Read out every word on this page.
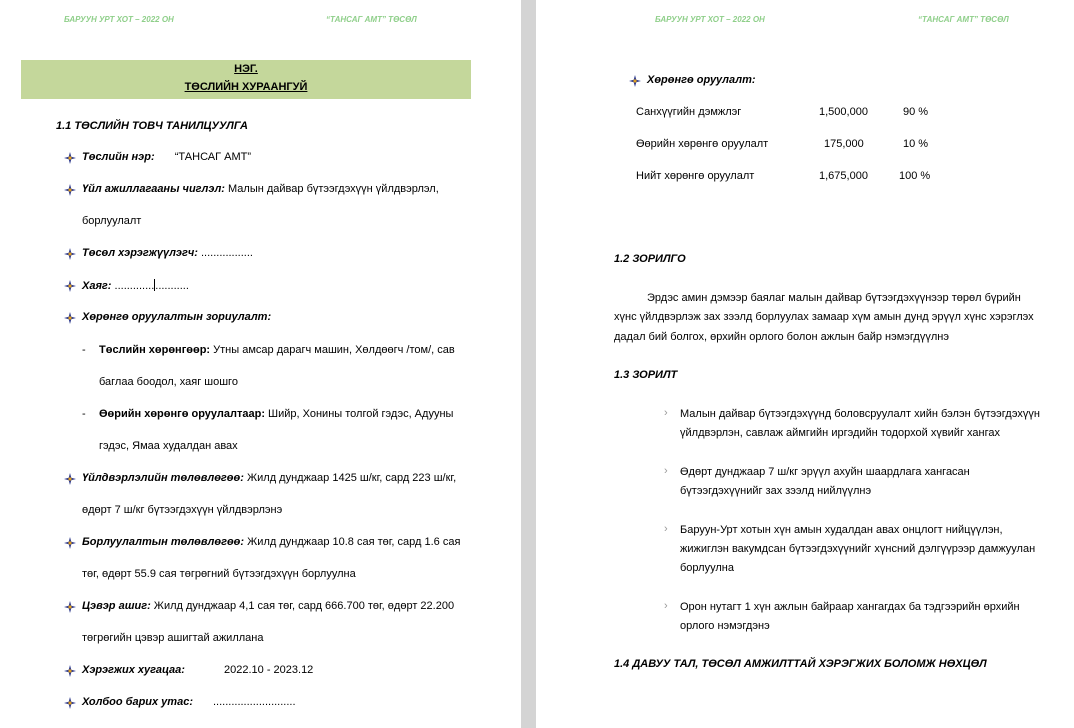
БАРУУН УРТ ХОТ – 2022 ОН	“ТАНСАГ АМТ” ТӨСӨЛ
НЭГ.
ТӨСЛИЙН ХУРААНГУЙ
1.1 ТӨСЛИЙН ТОВЧ ТАНИЛЦУУЛГА
Төслийн нэр: “ТАНСАГ АМТ”
Үйл ажиллагааны чиглэл: Малын дайвар бүтээгдэхүүн үйлдвэрлэл,
борлуулалт
Төсөл хэрэгжүүлэгч: .................
Хаяг: ........................
Хөрөнгө оруулалтын зориулалт:
- Төслийн хөрөнгөөр: Утны амсар дарагч машин, Хөлдөөгч /том/, сав
баглаа боодол, хаяг шошго
- Өөрийн хөрөнгө оруулалтаар: Шийр, Хонины толгой гэдэс, Адууны
гэдэс, Ямаа худалдан авах
Үйлдвэрлэлийн төлөвлөгөө: Жилд дунджаар 1425 ш/кг, сард 223 ш/кг,
өдөрт 7 ш/кг бүтээгдэхүүн үйлдвэрлэнэ
Борлуулалтын төлөвлөгөө: Жилд дунджаар 10.8 сая төг, сард 1.6 сая
төг, өдөрт 55.9 сая төгрөгний бүтээгдэхүүн борлуулна
Цэвэр ашиг: Жилд дунджаар 4,1 сая төг, сард 666.700 төг, өдөрт 22.200
төгрөгийн цэвэр ашигтай ажиллана
Хэрэгжих хугацаа:	2022.10 - 2023.12
Холбоо барих утас: ...........................
БАРУУН УРТ ХОТ – 2022 ОН	“ТАНСАГ АМТ” ТӨСӨЛ
Хөрөнгө оруулалт:
Санхүүгийн дэмжлэг	1,500,000	90 %
Өөрийн хөрөнгө оруулалт	175,000	10 %
Нийт хөрөнгө оруулалт	1,675,000	100 %
1.2 ЗОРИЛГО
Эрдэс амин дэмээр баялаг малын дайвар бүтээгдэхүүнээр төрөл бүрийн
хүнс үйлдвэрлэж зах зээлд борлуулах замаар хүм амын дунд эрүүл хүнс хэрэглэх
дадал бий болгох, өрхийн орлого болон ажлын байр нэмэгдүүлнэ
1.3 ЗОРИЛТ
› Малын дайвар бүтээгдэхүүнд боловсруулалт хийн бэлэн бүтээгдэхүүн
үйлдвэрлэн, савлаж аймгийн иргэдийн тодорхой хүвийг хангах
› Өдөрт дунджаар 7 ш/кг эрүүл ахуйн шаардлага хангасан
бүтээгдэхүүнийг зах зээлд нийлүүлнэ
› Баруун-Урт хотын хүн амын худалдан авах онцлогт нийцүүлэн,
жижиглэн вакумдсан бүтээгдэхүүнийг хүнсний дэлгүүрээр дамжуулан
борлуулна
› Орон нутагт 1 хүн ажлын байраар хангагдах ба тэдгээрийн өрхийн
орлого нэмэгдэнэ
1.4 ДАВУУ ТАЛ, ТӨСӨЛ АМЖИЛТТАЙ ХЭРЭГЖИХ БОЛОМЖ НӨХЦӨЛ
